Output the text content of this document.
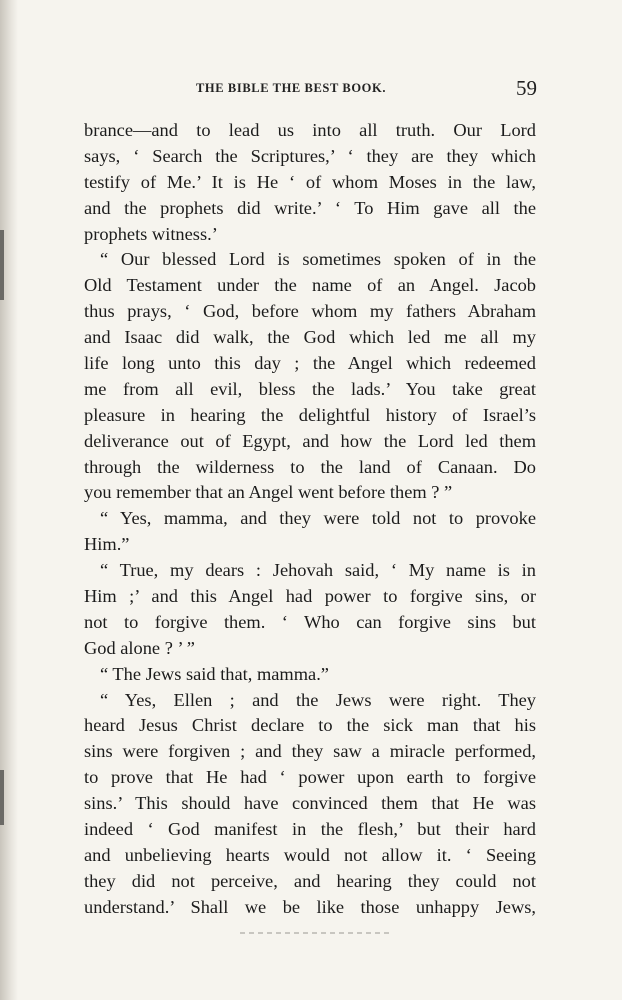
THE BIBLE THE BEST BOOK.	59
brance—and to lead us into all truth. Our Lord
says, ‘ Search the Scriptures,’ ‘ they are they which
testify of Me.’ It is He ‘ of whom Moses in the law,
and the prophets did write.’ ‘ To Him gave all the
prophets witness.’
“ Our blessed Lord is sometimes spoken of in the
Old Testament under the name of an Angel. Jacob
thus prays, ‘ God, before whom my fathers Abraham
and Isaac did walk, the God which led me all my
life long unto this day ; the Angel which redeemed
me from all evil, bless the lads.’ You take great
pleasure in hearing the delightful history of Israel’s
deliverance out of Egypt, and how the Lord led them
through the wilderness to the land of Canaan. Do
you remember that an Angel went before them ? ”
“ Yes, mamma, and they were told not to provoke
Him.”
“ True, my dears : Jehovah said, ‘ My name is in
Him ;’ and this Angel had power to forgive sins, or
not to forgive them. ‘ Who can forgive sins but
God alone ? ’ ”
“ The Jews said that, mamma.”
“ Yes, Ellen ; and the Jews were right. They
heard Jesus Christ declare to the sick man that his
sins were forgiven ; and they saw a miracle performed,
to prove that He had ‘ power upon earth to forgive
sins.’ This should have convinced them that He was
indeed ‘ God manifest in the flesh,’ but their hard
and unbelieving hearts would not allow it. ‘ Seeing
they did not perceive, and hearing they could not
understand.’ Shall we be like those unhappy Jews,
